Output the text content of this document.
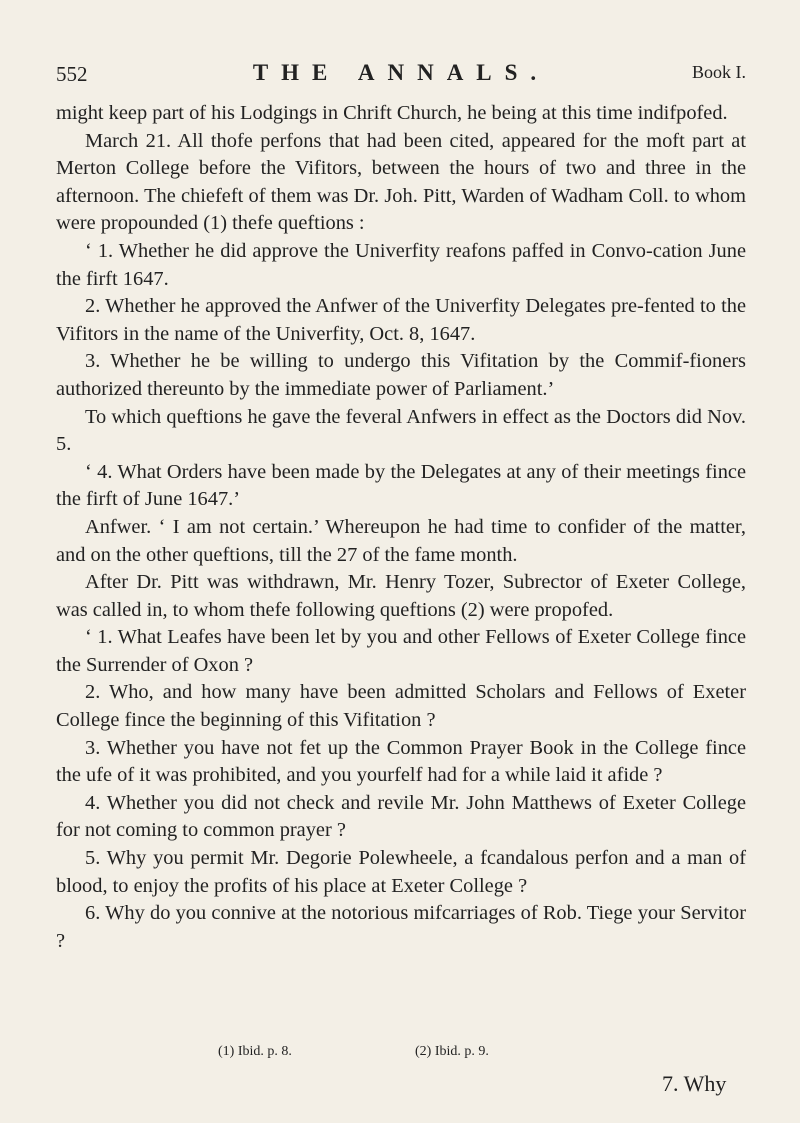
552	THE ANNALS.	Book I.

might keep part of his Lodgings in Chrift Church, he being at this time indifpofed.

March 21. All thofe perfons that had been cited, appeared for the moft part at Merton College before the Vifitors, between the hours of two and three in the afternoon. The chiefeft of them was Dr. Joh. Pitt, Warden of Wadham Coll. to whom were propounded (1) thefe queftions :

‘ 1. Whether he did approve the Univerfity reafons paffed in Convo-cation June the firft 1647.

2. Whether he approved the Anfwer of the Univerfity Delegates pre-fented to the Vifitors in the name of the Univerfity, Oct. 8, 1647.

3. Whether he be willing to undergo this Vifitation by the Commif-fioners authorized thereunto by the immediate power of Parliament.’

To which queftions he gave the feveral Anfwers in effect as the Doctors did Nov. 5.

‘ 4. What Orders have been made by the Delegates at any of their meetings fince the firft of June 1647.’

Anfwer. ‘ I am not certain.’ Whereupon he had time to confider of the matter, and on the other queftions, till the 27 of the fame month.

After Dr. Pitt was withdrawn, Mr. Henry Tozer, Subrector of Exeter College, was called in, to whom thefe following queftions (2) were propofed.

‘ 1. What Leafes have been let by you and other Fellows of Exeter College fince the Surrender of Oxon ?

2. Who, and how many have been admitted Scholars and Fellows of Exeter College fince the beginning of this Vifitation ?

3. Whether you have not fet up the Common Prayer Book in the College fince the ufe of it was prohibited, and you yourfelf had for a while laid it afide ?

4. Whether you did not check and revile Mr. John Matthews of Exeter College for not coming to common prayer ?

5. Why you permit Mr. Degorie Polewheele, a fcandalous perfon and a man of blood, to enjoy the profits of his place at Exeter College ?

6. Why do you connive at the notorious mifcarriages of Rob. Tiege your Servitor ?

(1) Ibid. p. 8.	(2) Ibid. p. 9.
7. Why
